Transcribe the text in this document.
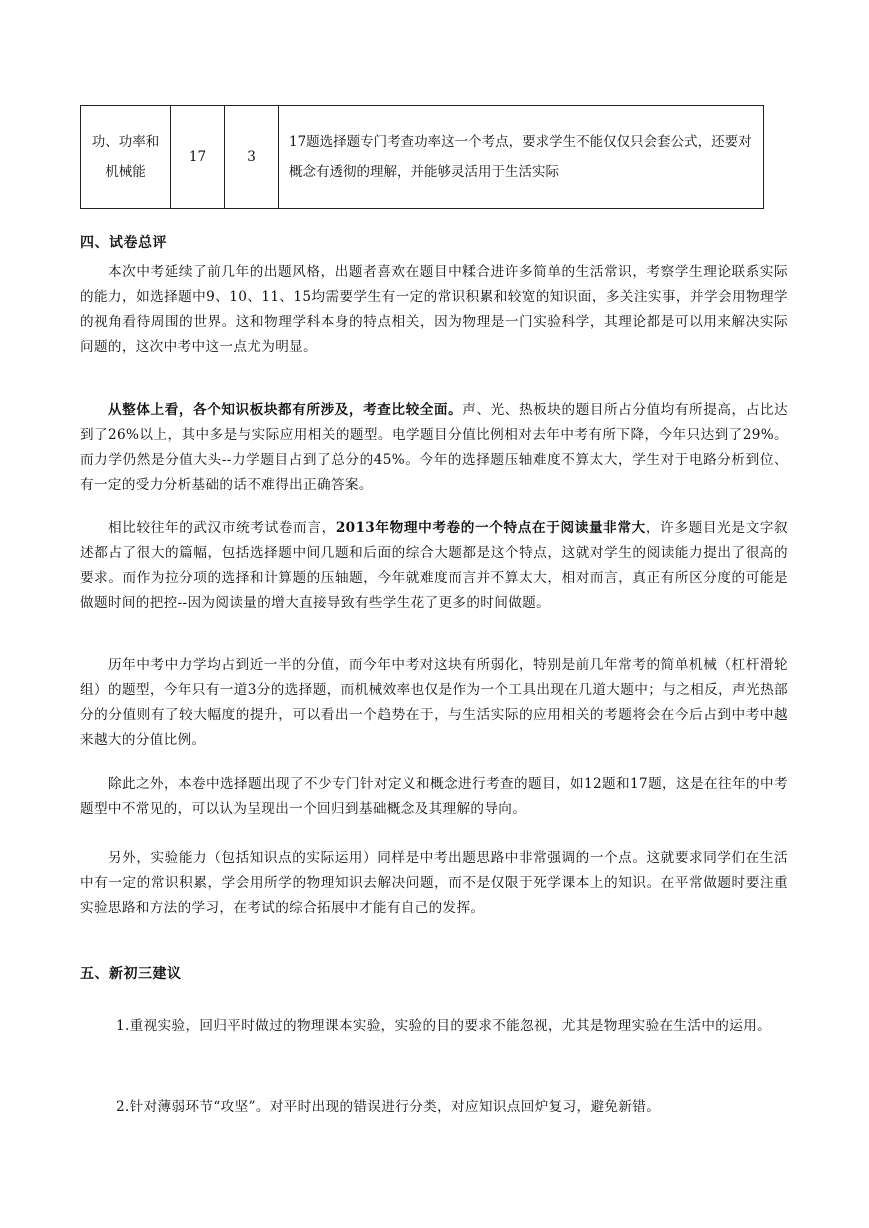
功、功率和
机械能	17	3	17题选择题专门考查功率这一个考点，要求学生不能仅仅只会套公式，还要对概念有透彻的理解，并能够灵活用于生活实际
四、试卷总评

本次中考延续了前几年的出题风格，出题者喜欢在题目中糅合进许多简单的生活常识，考察学生理论联系实际的能力，如选择题中9、10、11、15均需要学生有一定的常识积累和较宽的知识面，多关注实事，并学会用物理学的视角看待周围的世界。这和物理学科本身的特点相关，因为物理是一门实验科学，其理论都是可以用来解决实际问题的，这次中考中这一点尤为明显。

从整体上看，各个知识板块都有所涉及，考查比较全面。声、光、热板块的题目所占分值均有所提高，占比达到了26%以上，其中多是与实际应用相关的题型。电学题目分值比例相对去年中考有所下降，今年只达到了29%。而力学仍然是分值大头--力学题目占到了总分的45%。今年的选择题压轴难度不算太大，学生对于电路分析到位、有一定的受力分析基础的话不难得出正确答案。

相比较往年的武汉市统考试卷而言，2013年物理中考卷的一个特点在于阅读量非常大，许多题目光是文字叙述都占了很大的篇幅，包括选择题中间几题和后面的综合大题都是这个特点，这就对学生的阅读能力提出了很高的要求。而作为拉分项的选择和计算题的压轴题，今年就难度而言并不算太大，相对而言，真正有所区分度的可能是做题时间的把控--因为阅读量的增大直接导致有些学生花了更多的时间做题。

历年中考中力学均占到近一半的分值，而今年中考对这块有所弱化，特别是前几年常考的简单机械（杠杆滑轮组）的题型，今年只有一道3分的选择题，而机械效率也仅是作为一个工具出现在几道大题中；与之相反，声光热部分的分值则有了较大幅度的提升，可以看出一个趋势在于，与生活实际的应用相关的考题将会在今后占到中考中越来越大的分值比例。

除此之外，本卷中选择题出现了不少专门针对定义和概念进行考查的题目，如12题和17题，这是在往年的中考题型中不常见的，可以认为呈现出一个回归到基础概念及其理解的导向。

另外，实验能力（包括知识点的实际运用）同样是中考出题思路中非常强调的一个点。这就要求同学们在生活中有一定的常识积累，学会用所学的物理知识去解决问题，而不是仅限于死学课本上的知识。在平常做题时要注重实验思路和方法的学习，在考试的综合拓展中才能有自己的发挥。

五、新初三建议

1.重视实验，回归平时做过的物理课本实验，实验的目的要求不能忽视，尤其是物理实验在生活中的运用。

2.针对薄弱环节“攻坚”。对平时出现的错误进行分类，对应知识点回炉复习，避免新错。
